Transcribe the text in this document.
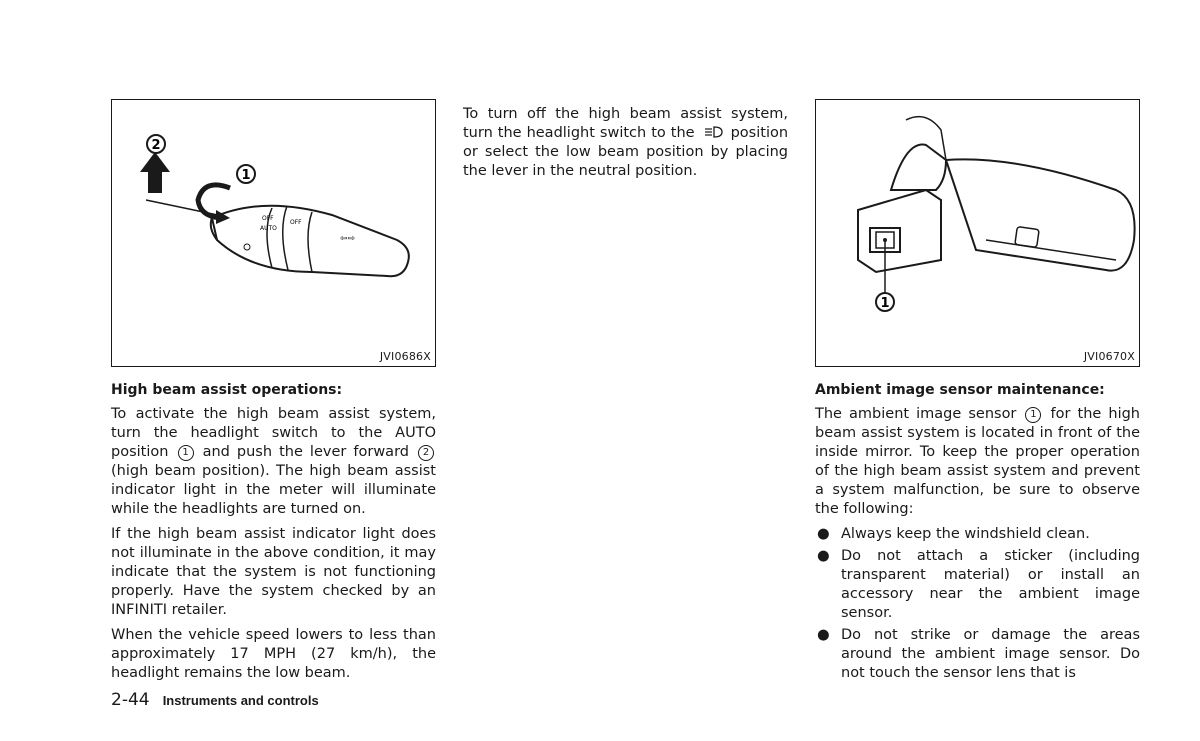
OFF
AUTO
OFF
⇦⇨
2
1
JVI0686X
1
JVI0670X
High beam assist operations:

To activate the high beam assist system, turn the headlight switch to the AUTO position 1 and push the lever forward 2 (high beam position). The high beam assist indicator light in the meter will illuminate while the headlights are turned on.

If the high beam assist indicator light does not illuminate in the above condition, it may indicate that the system is not functioning properly. Have the system checked by an INFINITI retailer.

When the vehicle speed lowers to less than approximately 17 MPH (27 km/h), the headlight remains the low beam.

To turn off the high beam assist system, turn the headlight switch to the position or select the low beam position by placing the lever in the neutral position.

Ambient image sensor maintenance:

The ambient image sensor 1 for the high beam assist system is located in front of the inside mirror. To keep the proper operation of the high beam assist system and prevent a system malfunction, be sure to observe the following:

● Always keep the windshield clean.
● Do not attach a sticker (including transparent material) or install an accessory near the ambient image sensor.
● Do not strike or damage the areas around the ambient image sensor. Do not touch the sensor lens that is
2-44 Instruments and controls
